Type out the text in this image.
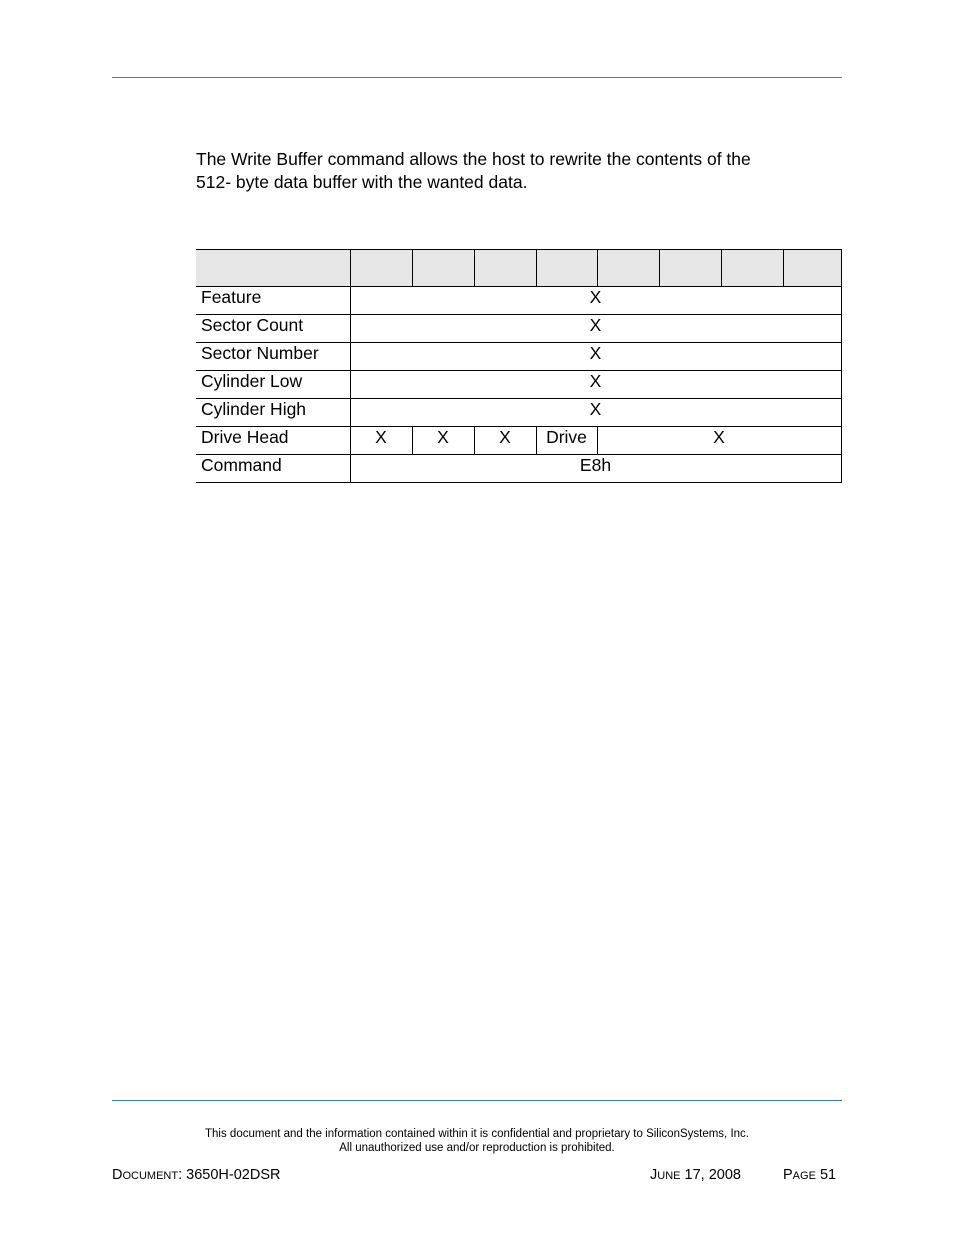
The Write Buffer command allows the host to rewrite the contents of the
512- byte data buffer with the wanted data.

Feature	X							
Sector Count	X							
Sector Number	X							
Cylinder Low	X							
Cylinder High	X							
Drive Head	X	X	X	Drive	X			
Command	E8h							
This document and the information contained within it is confidential and proprietary to SiliconSystems, Inc.
All unauthorized use and/or reproduction is prohibited.
DOCUMENT: 3650H-02DSR	JUNE 17, 2008	PAGE 51
